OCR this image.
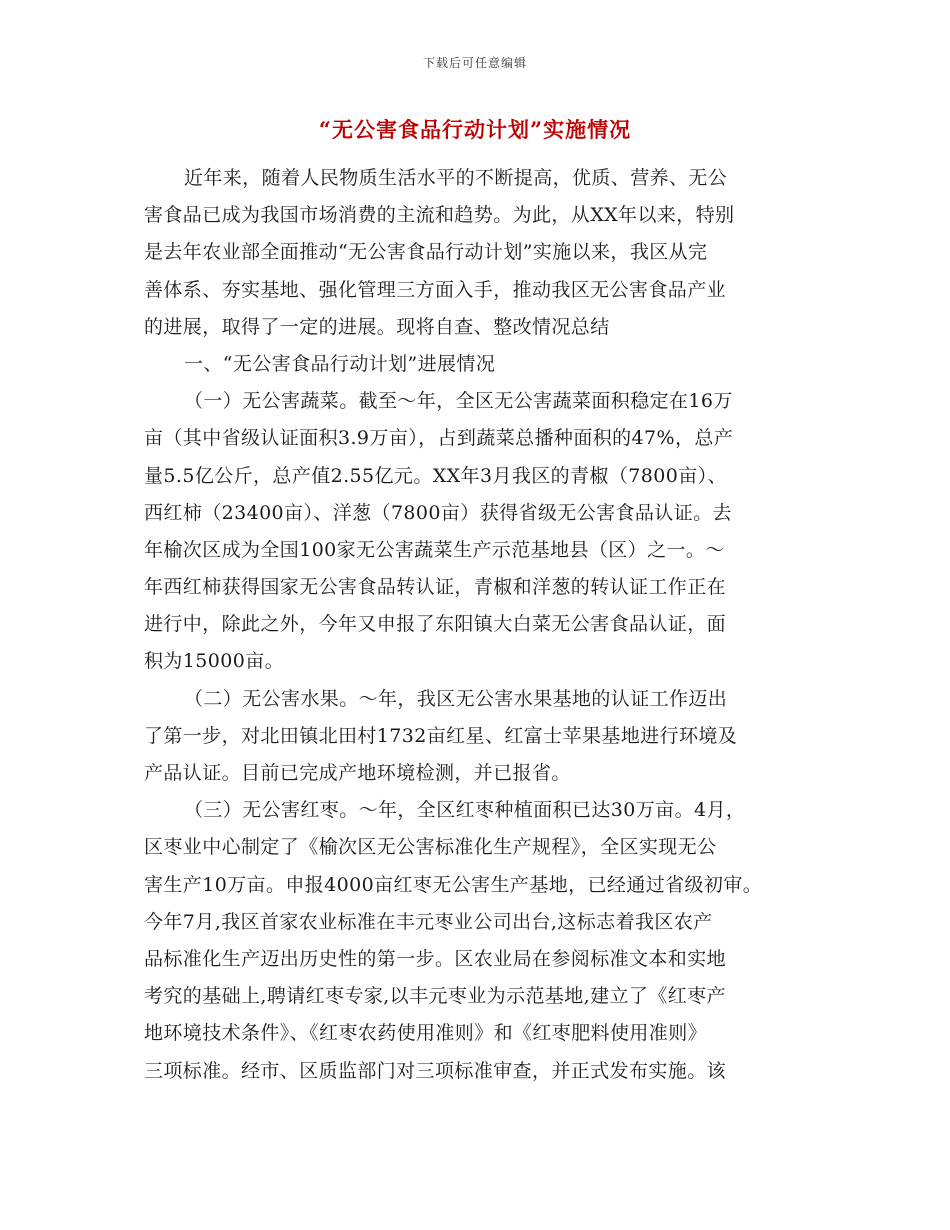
下载后可任意编辑
“无公害食品行动计划”实施情况
近年来，随着人民物质生活水平的不断提高，优质、营养、无公
害食品已成为我国市场消费的主流和趋势。为此，从XX年以来，特别
是去年农业部全面推动“无公害食品行动计划”实施以来，我区从完
善体系、夯实基地、强化管理三方面入手，推动我区无公害食品产业
的进展，取得了一定的进展。现将自查、整改情况总结
一、“无公害食品行动计划”进展情况
（一）无公害蔬菜。截至～年，全区无公害蔬菜面积稳定在16万
亩（其中省级认证面积3.9万亩），占到蔬菜总播种面积的47%，总产
量5.5亿公斤，总产值2.55亿元。XX年3月我区的青椒（7800亩）、
西红柿（23400亩）、洋葱（7800亩）获得省级无公害食品认证。去
年榆次区成为全国100家无公害蔬菜生产示范基地县（区）之一。～
年西红柿获得国家无公害食品转认证，青椒和洋葱的转认证工作正在
进行中，除此之外，今年又申报了东阳镇大白菜无公害食品认证，面
积为15000亩。
（二）无公害水果。～年，我区无公害水果基地的认证工作迈出
了第一步，对北田镇北田村1732亩红星、红富士苹果基地进行环境及
产品认证。目前已完成产地环境检测，并已报省。
（三）无公害红枣。～年，全区红枣种植面积已达30万亩。4月，
区枣业中心制定了《榆次区无公害标准化生产规程》，全区实现无公
害生产10万亩。申报4000亩红枣无公害生产基地，已经通过省级初审。
今年7月,我区首家农业标准在丰元枣业公司出台,这标志着我区农产
品标准化生产迈出历史性的第一步。区农业局在参阅标准文本和实地
考究的基础上,聘请红枣专家,以丰元枣业为示范基地,建立了《红枣产
地环境技术条件》、《红枣农药使用准则》和《红枣肥料使用准则》
三项标准。经市、区质监部门对三项标准审查，并正式发布实施。该
